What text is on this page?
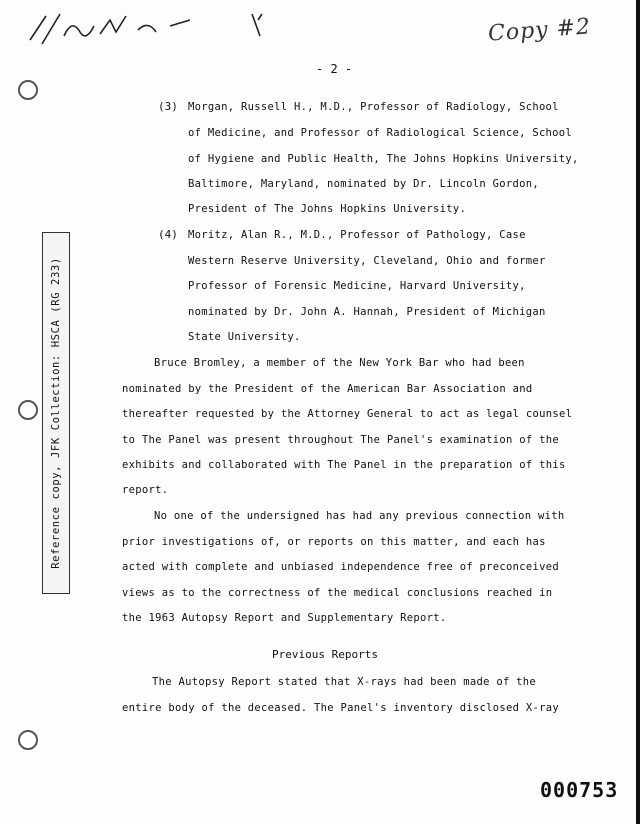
Copy #2
- 2 -
Reference copy, JFK Collection: HSCA (RG 233)
(3) Morgan, Russell H., M.D., Professor of Radiology, School
of Medicine, and Professor of Radiological Science, School
of Hygiene and Public Health, The Johns Hopkins University,
Baltimore, Maryland, nominated by Dr. Lincoln Gordon,
President of The Johns Hopkins University.
(4) Moritz, Alan R., M.D., Professor of Pathology, Case
Western Reserve University, Cleveland, Ohio and former
Professor of Forensic Medicine, Harvard University,
nominated by Dr. John A. Hannah, President of Michigan
State University.
Bruce Bromley, a member of the New York Bar who had been
nominated by the President of the American Bar Association and
thereafter requested by the Attorney General to act as legal counsel
to The Panel was present throughout The Panel's examination of the
exhibits and collaborated with The Panel in the preparation of this
report.
No one of the undersigned has had any previous connection with
prior investigations of, or reports on this matter, and each has
acted with complete and unbiased independence free of preconceived
views as to the correctness of the medical conclusions reached in
the 1963 Autopsy Report and Supplementary Report.
Previous Reports
The Autopsy Report stated that X-rays had been made of the
entire body of the deceased. The Panel's inventory disclosed X-ray
000753
